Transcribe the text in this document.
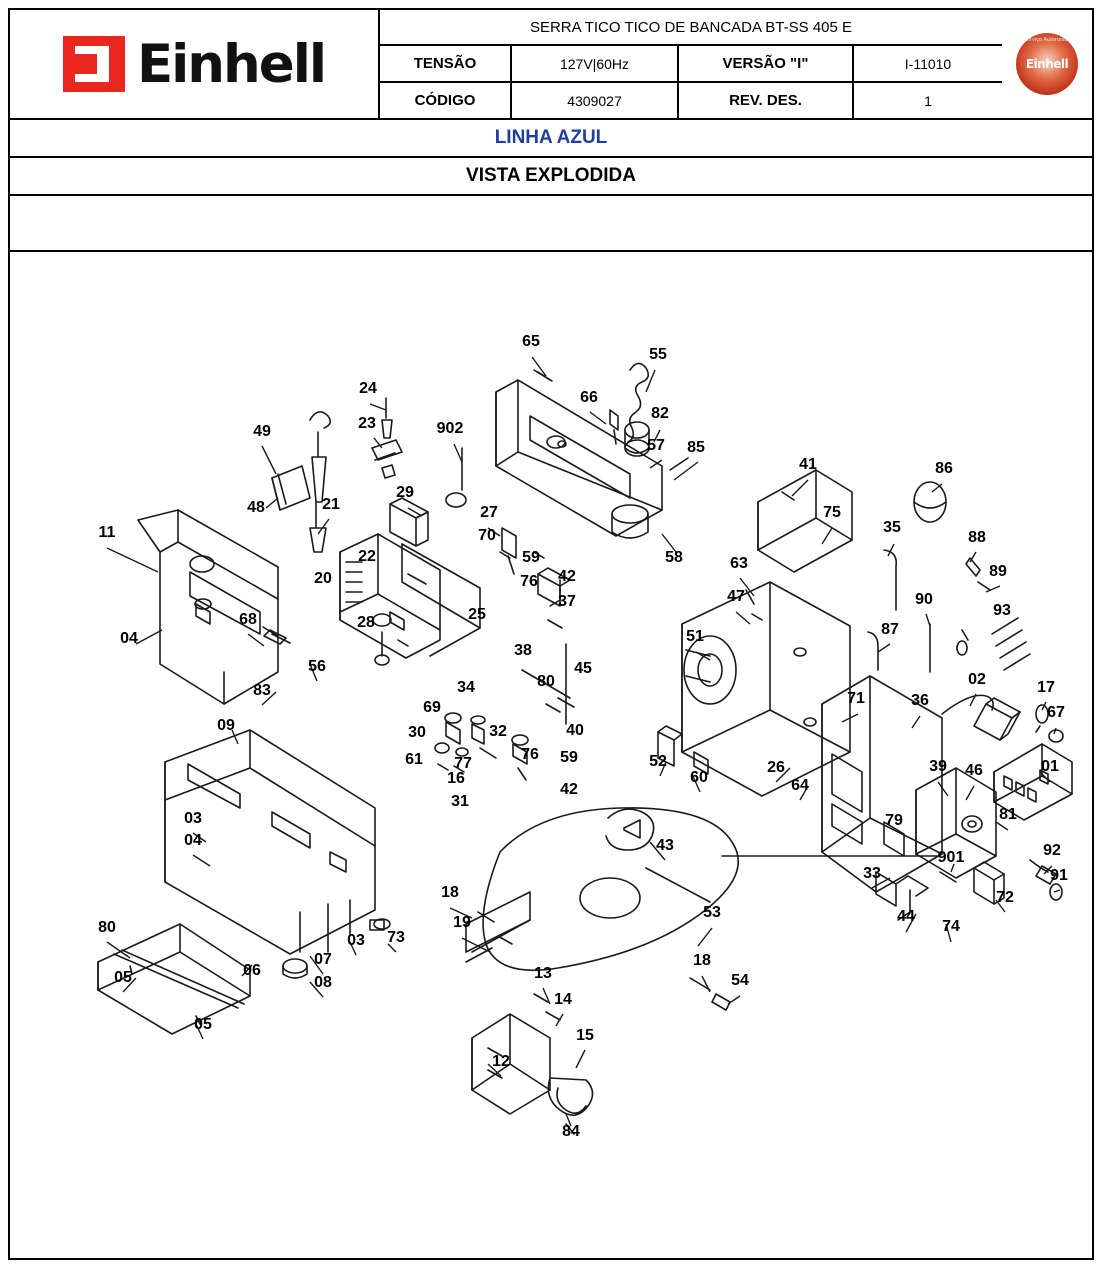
Einhell
SERRA TICO TICO DE BANCADA BT-SS 405 E
TENSÃO	127V|60Hz	VERSÃO "I"	I-11010
CÓDIGO	4309027	REV. DES.	1
Serviço Autorizado
Einhell
LINHA AZUL
VISTA EXPLODIDA
65
55
24
66
23
82
902
57 85
49
41	86
29
48	21	27	75
35
70
11	88
59
89
22	58	63
76 42
20
37	47	90
93
25
28
68
87
04
38
51
45
80	02
56
83	17
71	36
67
34
69
09	32	40
30
77
76 59	52
61
16	60
26	39 46	01
31
42	64
79	81
92
43
901
91
33
72
03
04
18
44
74
19
53
80
03 73
07
06
18
05	08
13	54
14
05
15
12
84
